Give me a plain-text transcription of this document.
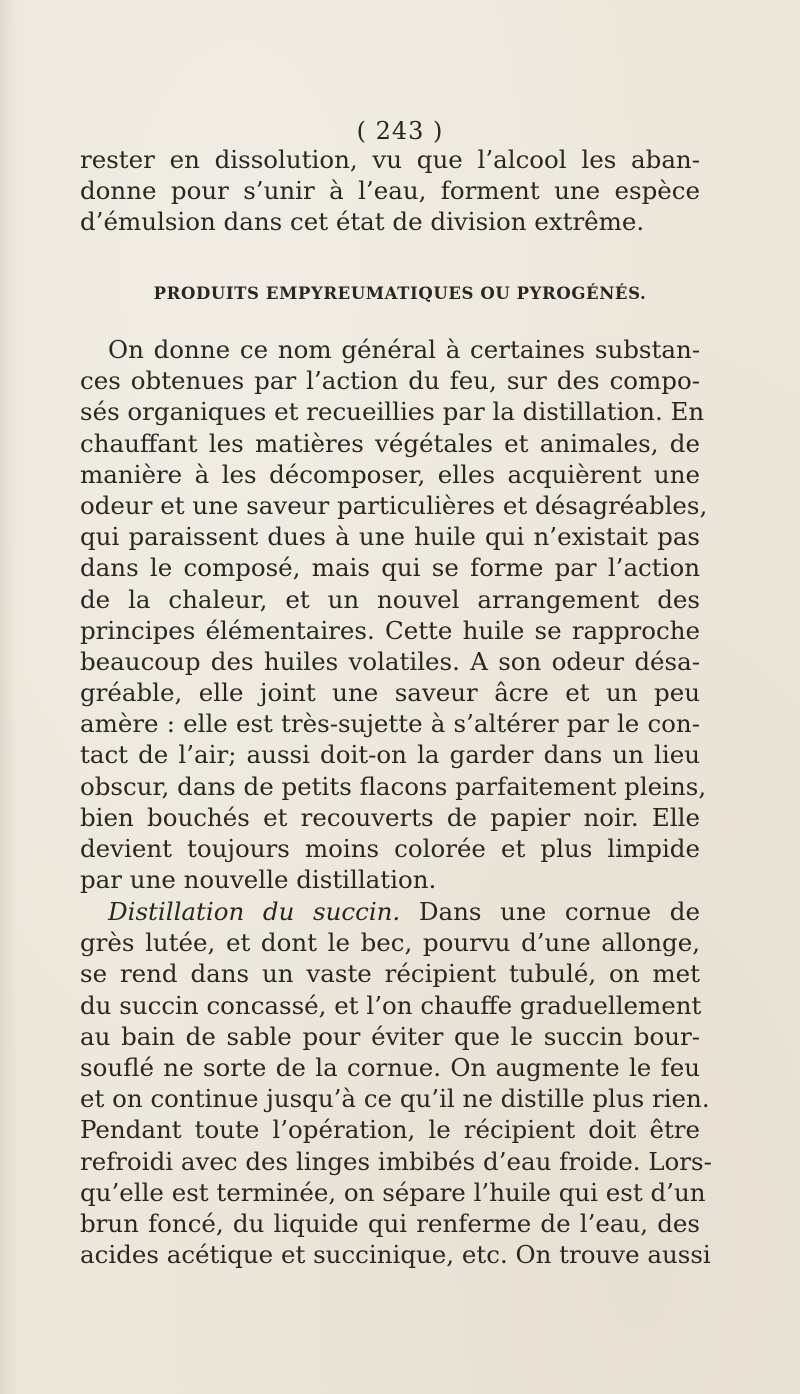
( 243 )
rester en dissolution, vu que l’alcool les aban-
donne pour s’unir à l’eau, forment une espèce
d’émulsion dans cet état de division extrême.
PRODUITS EMPYREUMATIQUES OU PYROGÉNÉS.
On donne ce nom général à certaines substan-
ces obtenues par l’action du feu, sur des compo-
sés organiques et recueillies par la distillation. En
chauffant les matières végétales et animales, de
manière à les décomposer, elles acquièrent une
odeur et une saveur particulières et désagréables,
qui paraissent dues à une huile qui n’existait pas
dans le composé, mais qui se forme par l’action
de la chaleur, et un nouvel arrangement des
principes élémentaires. Cette huile se rapproche
beaucoup des huiles volatiles. A son odeur désa-
gréable, elle joint une saveur âcre et un peu
amère : elle est très-sujette à s’altérer par le con-
tact de l’air; aussi doit-on la garder dans un lieu
obscur, dans de petits flacons parfaitement pleins,
bien bouchés et recouverts de papier noir. Elle
devient toujours moins colorée et plus limpide
par une nouvelle distillation.
Distillation du succin. Dans une cornue de
grès lutée, et dont le bec, pourvu d’une allonge,
se rend dans un vaste récipient tubulé, on met
du succin concassé, et l’on chauffe graduellement
au bain de sable pour éviter que le succin bour-
souflé ne sorte de la cornue. On augmente le feu
et on continue jusqu’à ce qu’il ne distille plus rien.
Pendant toute l’opération, le récipient doit être
refroidi avec des linges imbibés d’eau froide. Lors-
qu’elle est terminée, on sépare l’huile qui est d’un
brun foncé, du liquide qui renferme de l’eau, des
acides acétique et succinique, etc. On trouve aussi
